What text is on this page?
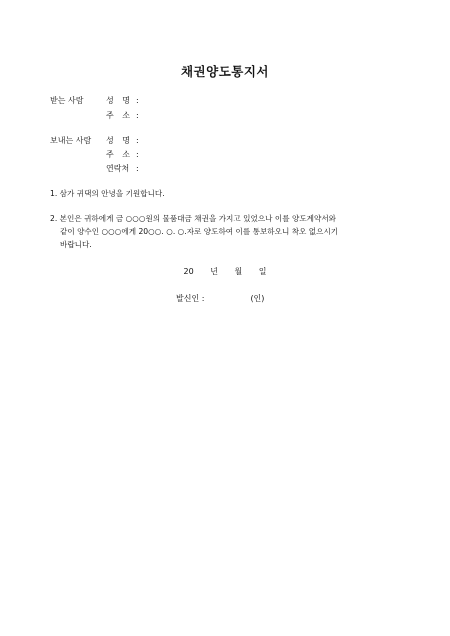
채권양도통지서
받는 사람	성 명 :
주 소 :
보내는 사람	성 명 :
주 소 :
연락처 :
1. 삼가 귀댁의 안녕을 기원합니다.
2. 본인은 귀하에게 금 ○○○원의 물품대금 채권을 가지고 있었으나 이를 양도계약서와
같이 양수인 ○○○에게 20○○. ○. ○.자로 양도하여 이를 통보하오니 착오 없으시기
바랍니다.
20 년 월 일
발신인 :	(인)
